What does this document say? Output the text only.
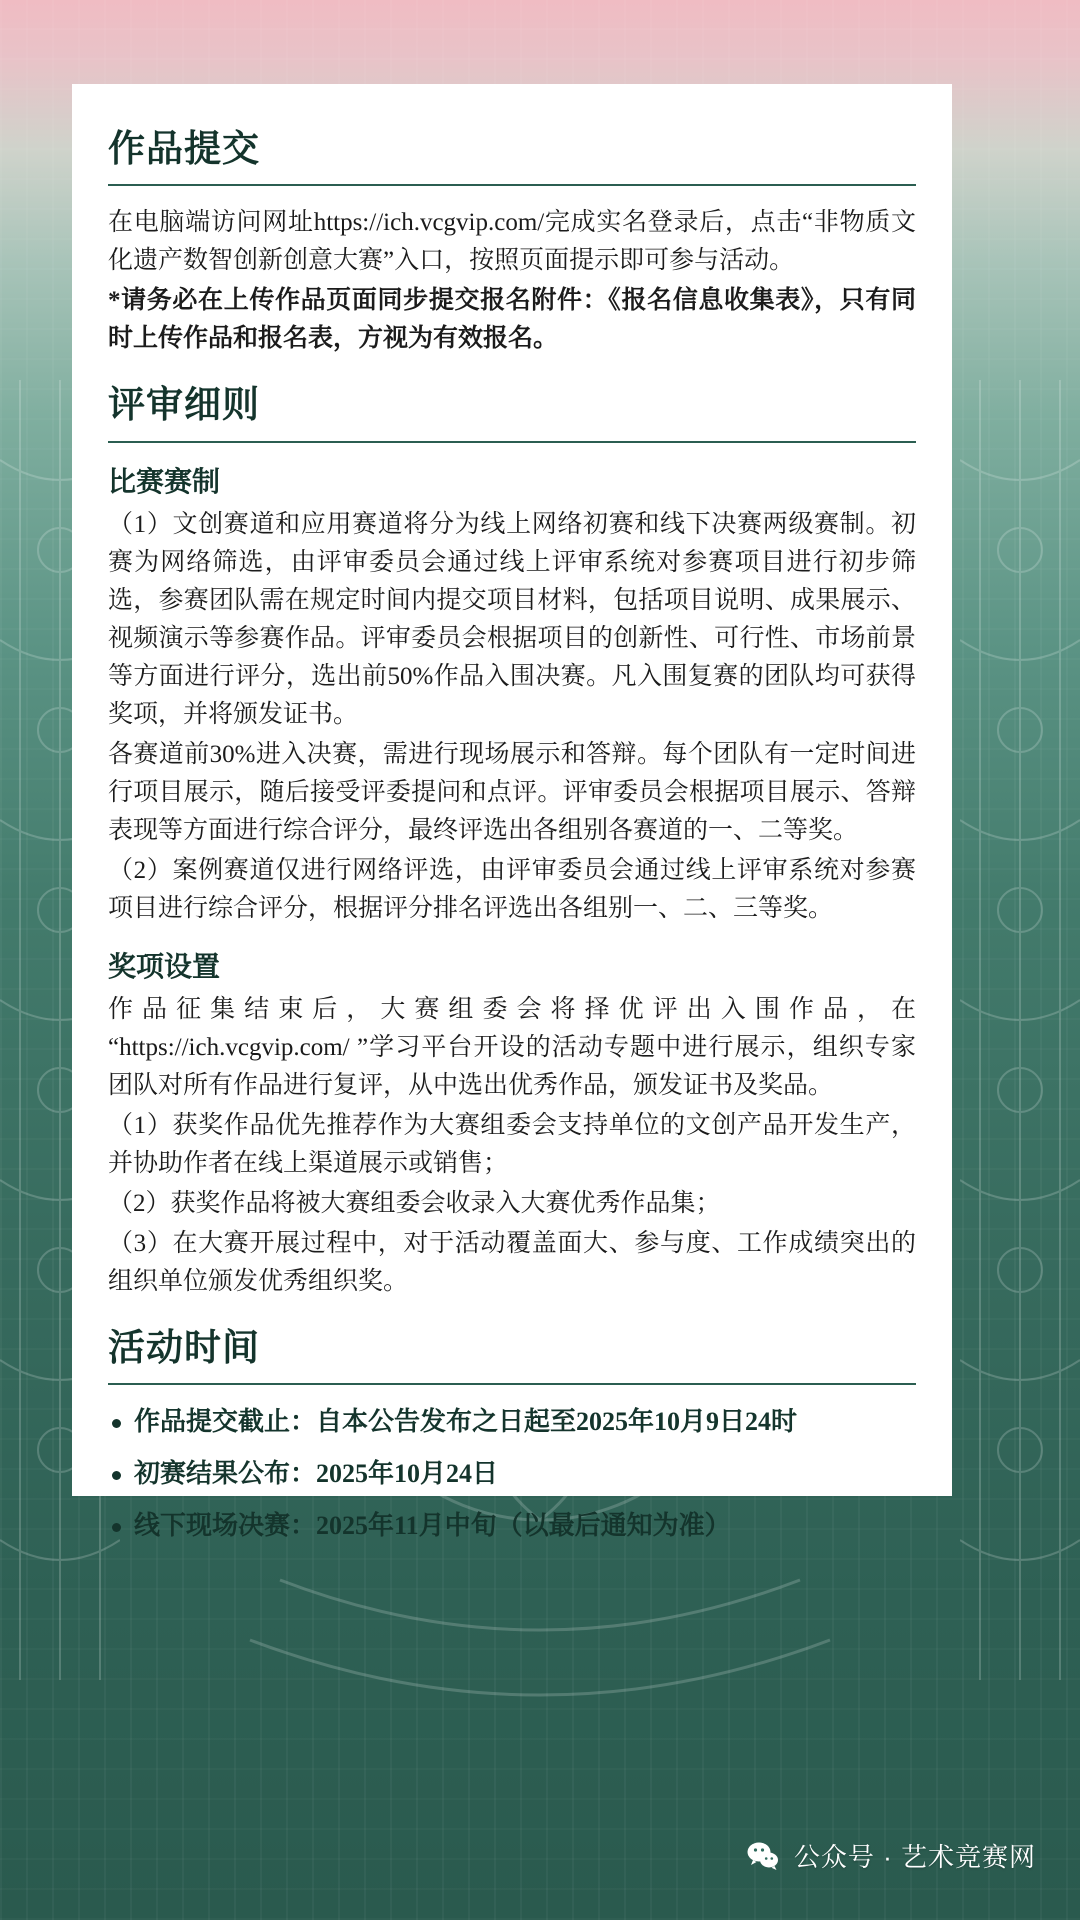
作品提交

在电脑端访问网址https://ich.vcgvip.com/完成实名登录后，点击“非物质文化遗产数智创新创意大赛”入口，按照页面提示即可参与活动。

*请务必在上传作品页面同步提交报名附件：《报名信息收集表》，只有同时上传作品和报名表，方视为有效报名。

评审细则
比赛赛制

（1）文创赛道和应用赛道将分为线上网络初赛和线下决赛两级赛制。初赛为网络筛选，由评审委员会通过线上评审系统对参赛项目进行初步筛选，参赛团队需在规定时间内提交项目材料，包括项目说明、成果展示、视频演示等参赛作品。评审委员会根据项目的创新性、可行性、市场前景等方面进行评分，选出前50%作品入围决赛。凡入围复赛的团队均可获得奖项，并将颁发证书。

各赛道前30%进入决赛，需进行现场展示和答辩。每个团队有一定时间进行项目展示，随后接受评委提问和点评。评审委员会根据项目展示、答辩表现等方面进行综合评分，最终评选出各组别各赛道的一、二等奖。

（2）案例赛道仅进行网络评选，由评审委员会通过线上评审系统对参赛项目进行综合评分，根据评分排名评选出各组别一、二、三等奖。

奖项设置

作品征集结束后，大赛组委会将择优评出入围作品，在“https://ich.vcgvip.com/ ”学习平台开设的活动专题中进行展示，组织专家团队对所有作品进行复评，从中选出优秀作品，颁发证书及奖品。

（1）获奖作品优先推荐作为大赛组委会支持单位的文创产品开发生产，并协助作者在线上渠道展示或销售；

（2）获奖作品将被大赛组委会收录入大赛优秀作品集；

（3）在大赛开展过程中，对于活动覆盖面大、参与度、工作成绩突出的组织单位颁发优秀组织奖。

活动时间
作品提交截止：自本公告发布之日起至2025年10月9日24时
初赛结果公布：2025年10月24日
线下现场决赛：2025年11月中旬（以最后通知为准）
公众号 · 艺术竞赛网
